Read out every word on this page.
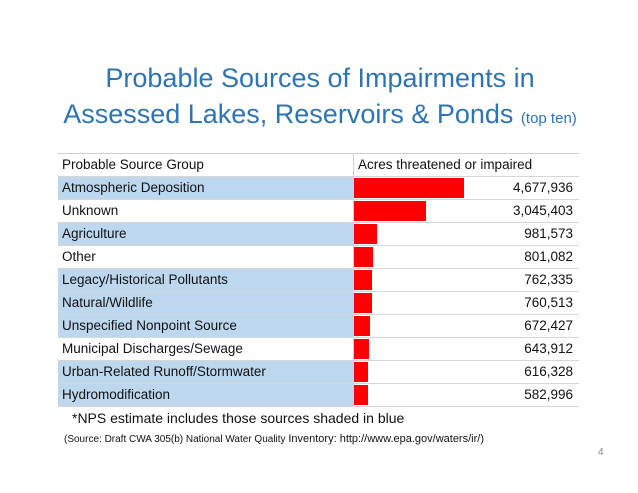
Probable Sources of Impairments in
Assessed Lakes, Reservoirs & Ponds (top ten)
Probable Source Group	Acres threatened or impaired
Atmospheric Deposition	4,677,936
Unknown	3,045,403
Agriculture	981,573
Other	801,082
Legacy/Historical Pollutants	762,335
Natural/Wildlife	760,513
Unspecified Nonpoint Source	672,427
Municipal Discharges/Sewage	643,912
Urban-Related Runoff/Stormwater	616,328
Hydromodification	582,996
*NPS estimate includes those sources shaded in blue
(Source: Draft CWA 305(b) National Water Quality Inventory: http://www.epa.gov/waters/ir/)
4
